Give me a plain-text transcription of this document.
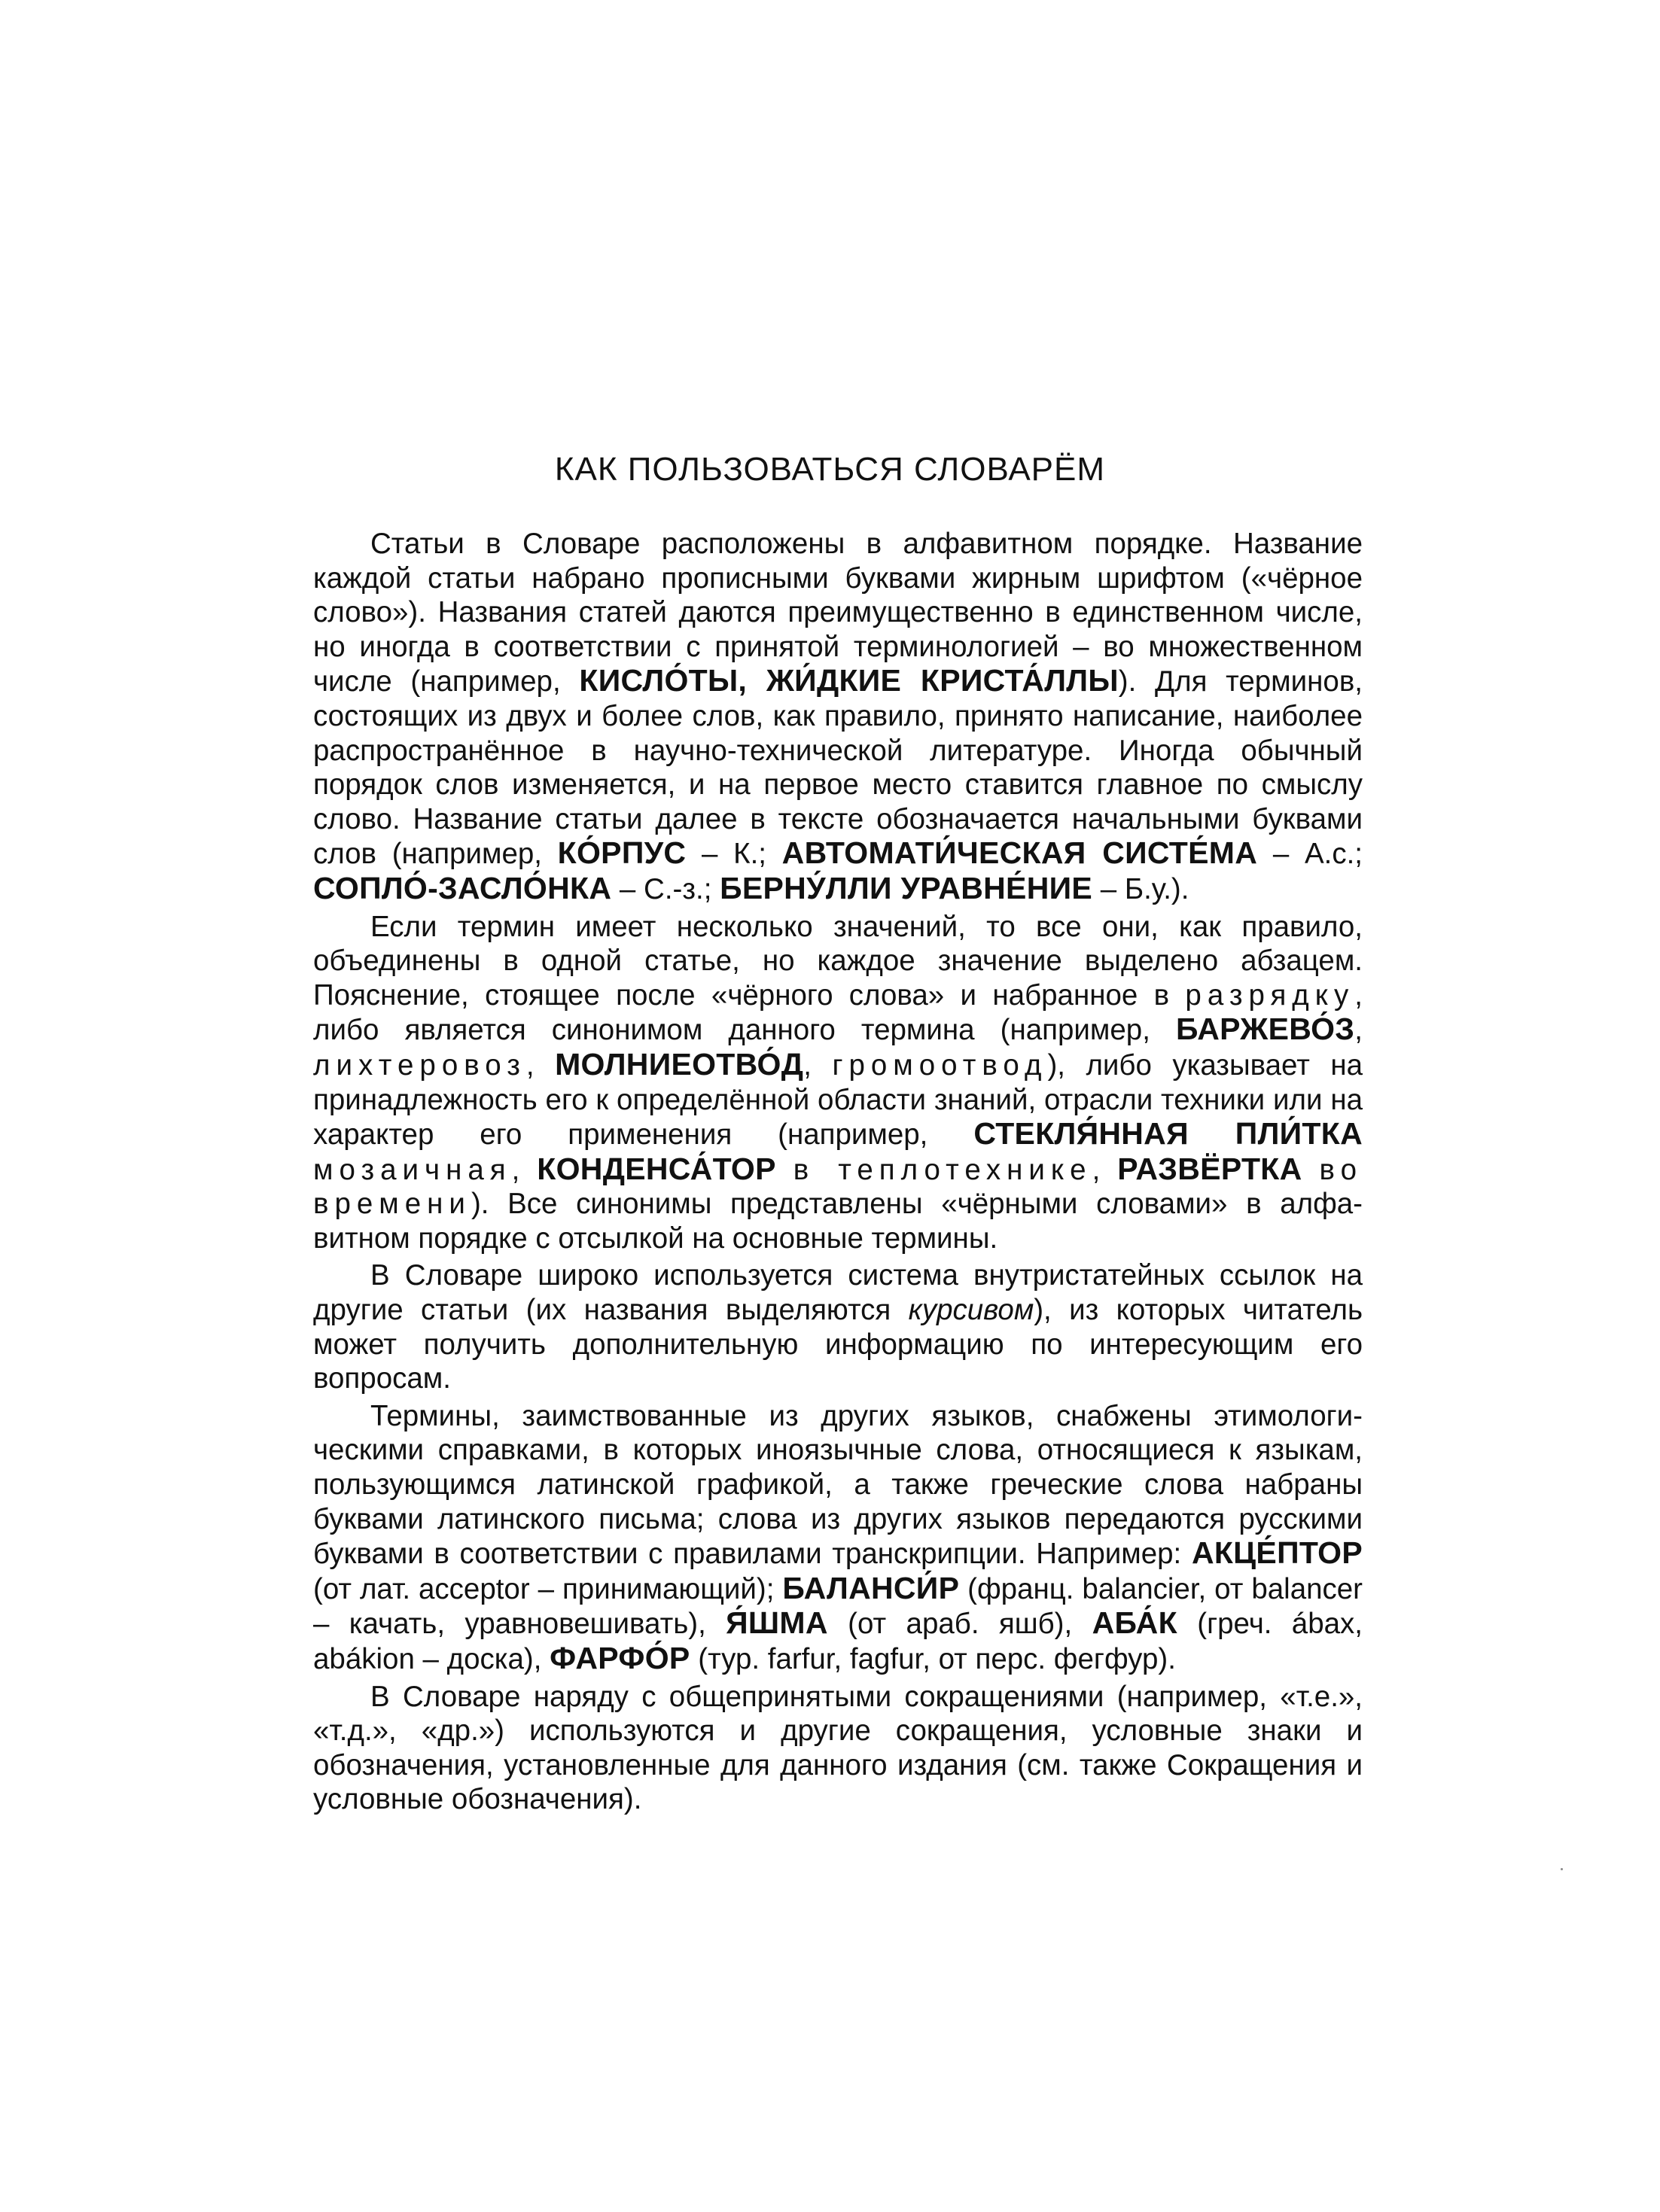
КАК ПОЛЬЗОВАТЬСЯ СЛОВАРЁМ

Статьи в Словаре расположены в алфавитном порядке. Название каждой статьи набрано прописными буквами жирным шрифтом («чёрное слово»). Названия статей даются преимущественно в единственном числе, но иногда в соответствии с принятой терминологией – во множественном числе (например, КИСЛО́ТЫ, ЖИ́ДКИЕ КРИСТА́ЛЛЫ). Для терминов, состоящих из двух и более слов, как правило, принято написание, наиболее распространённое в научно-технической литературе. Иногда обычный порядок слов изменяется, и на первое место ставится главное по смыслу слово. Название статьи далее в тексте обозначается начальными буквами слов (например, КО́РПУС – К.; АВТОМАТИ́ЧЕСКАЯ СИСТЕ́МА – А.с.; СОПЛО́-ЗАСЛО́НКА – С.-з.; БЕРНУ́ЛЛИ УРАВНЕ́НИЕ – Б.у.).

Если термин имеет несколько значений, то все они, как правило, объединены в одной статье, но каждое значение выделено абзацем. Пояснение, стоящее после «чёрного слова» и набранное в разрядку, либо является синонимом данного термина (например, БАРЖЕВО́З, лихтеровоз, МОЛНИЕОТВО́Д, громоотвод), либо указывает на принадлежность его к определённой области знаний, отрасли техники или на характер его применения (например, СТЕКЛЯ́ННАЯ ПЛИ́ТКА мозаичная, КОНДЕНСА́ТОР в теплотехнике, РАЗВЁРТКА во времени). Все синонимы представлены «чёрными словами» в алфавитном порядке с отсылкой на основные термины.

В Словаре широко используется система внутристатейных ссылок на другие статьи (их названия выделяются курсивом), из которых читатель может получить дополнительную информацию по интересующим его вопросам.

Термины, заимствованные из других языков, снабжены этимологическими справками, в которых иноязычные слова, относящиеся к языкам, пользующимся латинской графикой, а также греческие слова набраны буквами латинского письма; слова из других языков передаются русскими буквами в соответствии с правилами транскрипции. Например: АКЦЕ́ПТОР (от лат. acceptor – принимающий); БАЛАНСИ́Р (франц. balancier, от balancer – качать, уравновешивать), Я́ШМА (от араб. яшб), АБА́К (греч. ábax, abákion – доска), ФАРФО́Р (тур. farfur, fagfur, от перс. фегфур).

В Словаре наряду с общепринятыми сокращениями (например, «т.е.», «т.д.», «др.») используются и другие сокращения, условные знаки и обозначения, установленные для данного издания (см. также Сокращения и условные обозначения).
